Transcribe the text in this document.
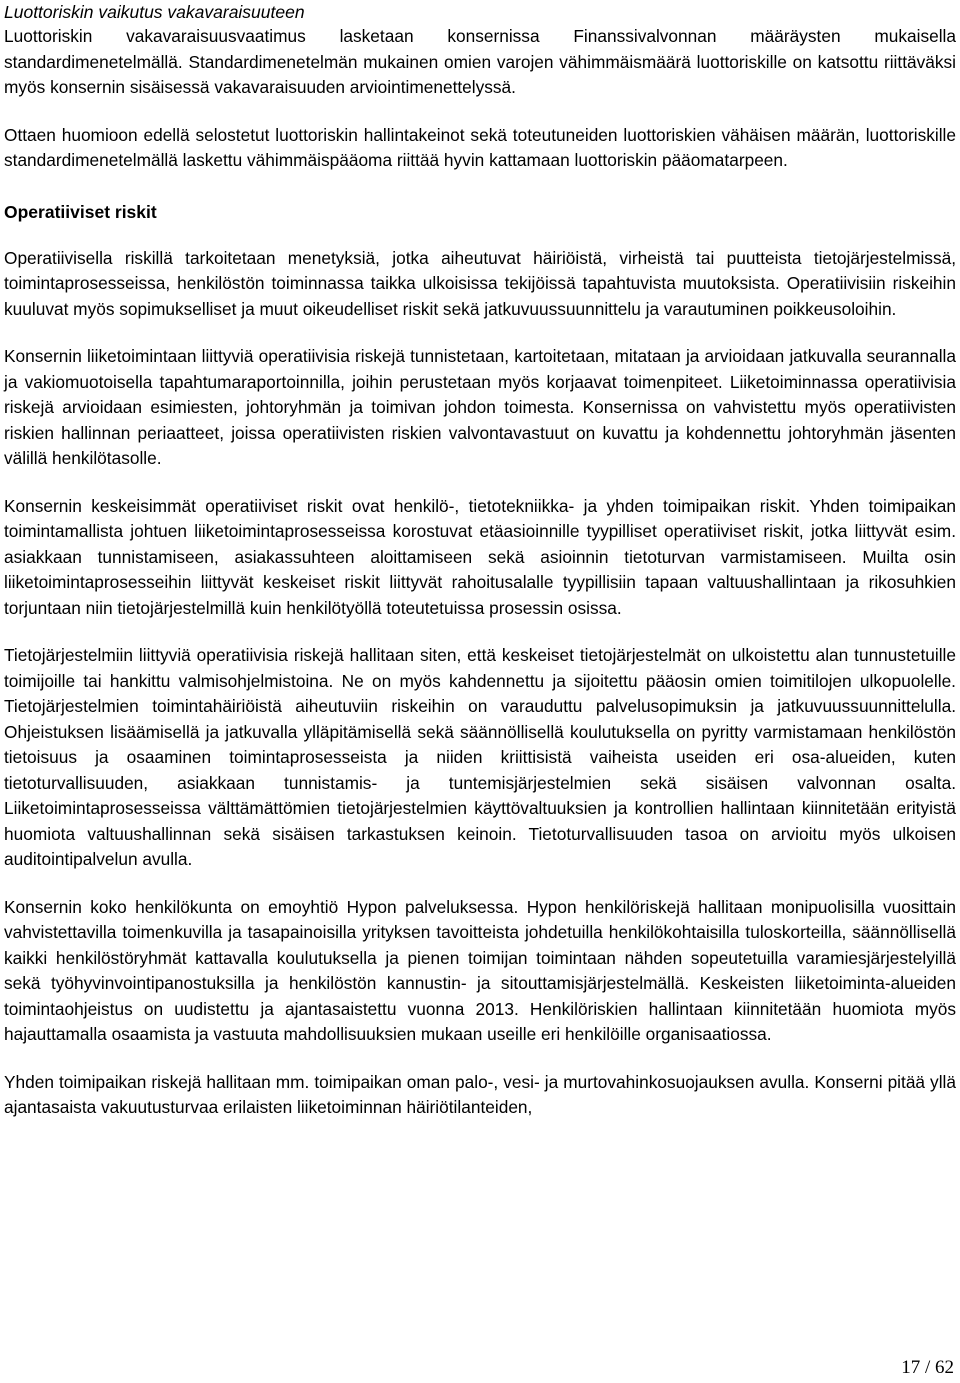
Luottoriskin vaikutus vakavaraisuuteen

Luottoriskin vakavaraisuusvaatimus lasketaan konsernissa Finanssivalvonnan määräysten mukaisella standardimenetelmällä. Standardimenetelmän mukainen omien varojen vähimmäismäärä luottoriskille on katsottu riittäväksi myös konsernin sisäisessä vakavaraisuuden arviointimenettelyssä.

Ottaen huomioon edellä selostetut luottoriskin hallintakeinot sekä toteutuneiden luottoriskien vähäisen määrän, luottoriskille standardimenetelmällä laskettu vähimmäispääoma riittää hyvin kattamaan luottoriskin pääomatarpeen.

Operatiiviset riskit

Operatiivisella riskillä tarkoitetaan menetyksiä, jotka aiheutuvat häiriöistä, virheistä tai puutteista tietojärjestelmissä, toimintaprosesseissa, henkilöstön toiminnassa taikka ulkoisissa tekijöissä tapahtuvista muutoksista. Operatiivisiin riskeihin kuuluvat myös sopimukselliset ja muut oikeudelliset riskit sekä jatkuvuussuunnittelu ja varautuminen poikkeusoloihin.

Konsernin liiketoimintaan liittyviä operatiivisia riskejä tunnistetaan, kartoitetaan, mitataan ja arvioidaan jatkuvalla seurannalla ja vakiomuotoisella tapahtumaraportoinnilla, joihin perustetaan myös korjaavat toimenpiteet. Liiketoiminnassa operatiivisia riskejä arvioidaan esimiesten, johtoryhmän ja toimivan johdon toimesta. Konsernissa on vahvistettu myös operatiivisten riskien hallinnan periaatteet, joissa operatiivisten riskien valvontavastuut on kuvattu ja kohdennettu johtoryhmän jäsenten välillä henkilötasolle.

Konsernin keskeisimmät operatiiviset riskit ovat henkilö-, tietotekniikka- ja yhden toimipaikan riskit. Yhden toimipaikan toimintamallista johtuen liiketoimintaprosesseissa korostuvat etäasioinnille tyypilliset operatiiviset riskit, jotka liittyvät esim. asiakkaan tunnistamiseen, asiakassuhteen aloittamiseen sekä asioinnin tietoturvan varmistamiseen. Muilta osin liiketoimintaprosesseihin liittyvät keskeiset riskit liittyvät rahoitusalalle tyypillisiin tapaan valtuushallintaan ja rikosuhkien torjuntaan niin tietojärjestelmillä kuin henkilötyöllä toteutetuissa prosessin osissa.

Tietojärjestelmiin liittyviä operatiivisia riskejä hallitaan siten, että keskeiset tietojärjestelmät on ulkoistettu alan tunnustetuille toimijoille tai hankittu valmisohjelmistoina. Ne on myös kahdennettu ja sijoitettu pääosin omien toimitilojen ulkopuolelle. Tietojärjestelmien toimintahäiriöistä aiheutuviin riskeihin on varauduttu palvelusopimuksin ja jatkuvuussuunnittelulla. Ohjeistuksen lisäämisellä ja jatkuvalla ylläpitämisellä sekä säännöllisellä koulutuksella on pyritty varmistamaan henkilöstön tietoisuus ja osaaminen toimintaprosesseista ja niiden kriittisistä vaiheista useiden eri osa-alueiden, kuten tietoturvallisuuden, asiakkaan tunnistamis- ja tuntemisjärjestelmien sekä sisäisen valvonnan osalta. Liiketoimintaprosesseissa välttämättömien tietojärjestelmien käyttövaltuuksien ja kontrollien hallintaan kiinnitetään erityistä huomiota valtuushallinnan sekä sisäisen tarkastuksen keinoin. Tietoturvallisuuden tasoa on arvioitu myös ulkoisen auditointipalvelun avulla.

Konsernin koko henkilökunta on emoyhtiö Hypon palveluksessa. Hypon henkilöriskejä hallitaan monipuolisilla vuosittain vahvistettavilla toimenkuvilla ja tasapainoisilla yrityksen tavoitteista johdetuilla henkilökohtaisilla tuloskorteilla, säännöllisellä kaikki henkilöstöryhmät kattavalla koulutuksella ja pienen toimijan toimintaan nähden sopeutetuilla varamiesjärjestelyillä sekä työhyvinvointipanostuksilla ja henkilöstön kannustin- ja sitouttamisjärjestelmällä. Keskeisten liiketoiminta-alueiden toimintaohjeistus on uudistettu ja ajantasaistettu vuonna 2013. Henkilöriskien hallintaan kiinnitetään huomiota myös hajauttamalla osaamista ja vastuuta mahdollisuuksien mukaan useille eri henkilöille organisaatiossa.

Yhden toimipaikan riskejä hallitaan mm. toimipaikan oman palo-, vesi- ja murtovahinkosuojauksen avulla. Konserni pitää yllä ajantasaista vakuutusturvaa erilaisten liiketoiminnan häiriötilanteiden,

17 / 62
